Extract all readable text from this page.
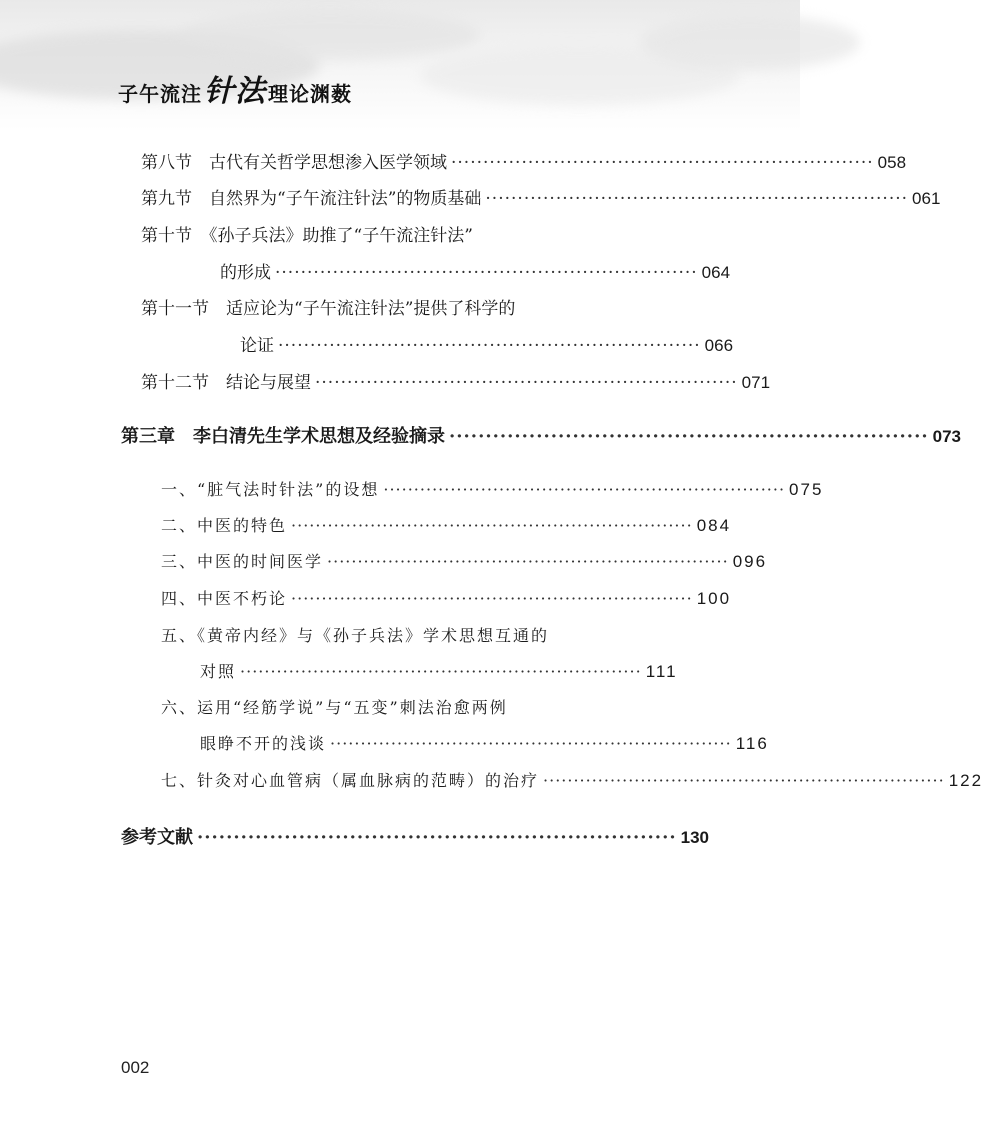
子午流注针法 理论渊薮
第八节　古代有关哲学思想渗入医学领域 ·································································· 058
第九节　自然界为“子午流注针法”的物质基础 ·································································· 061
第十节　《孙子兵法》助推了“子午流注针法”
的形成 ·································································· 064
第十一节　适应论为“子午流注针法”提供了科学的
论证 ·································································· 066
第十二节　结论与展望 ·································································· 071
第三章　李白清先生学术思想及经验摘录 ·································································· 073
一、“脏气法时针法”的设想 ·································································· 075
二、中医的特色 ·································································· 084
三、中医的时间医学 ·································································· 096
四、中医不朽论 ·································································· 100
五、《黄帝内经》与《孙子兵法》学术思想互通的
对照 ·································································· 111
六、运用“经筋学说”与“五变”刺法治愈两例
眼睁不开的浅谈 ·································································· 116
七、针灸对心血管病（属血脉病的范畴）的治疗 ·································································· 122
参考文献 ·································································· 130
002
